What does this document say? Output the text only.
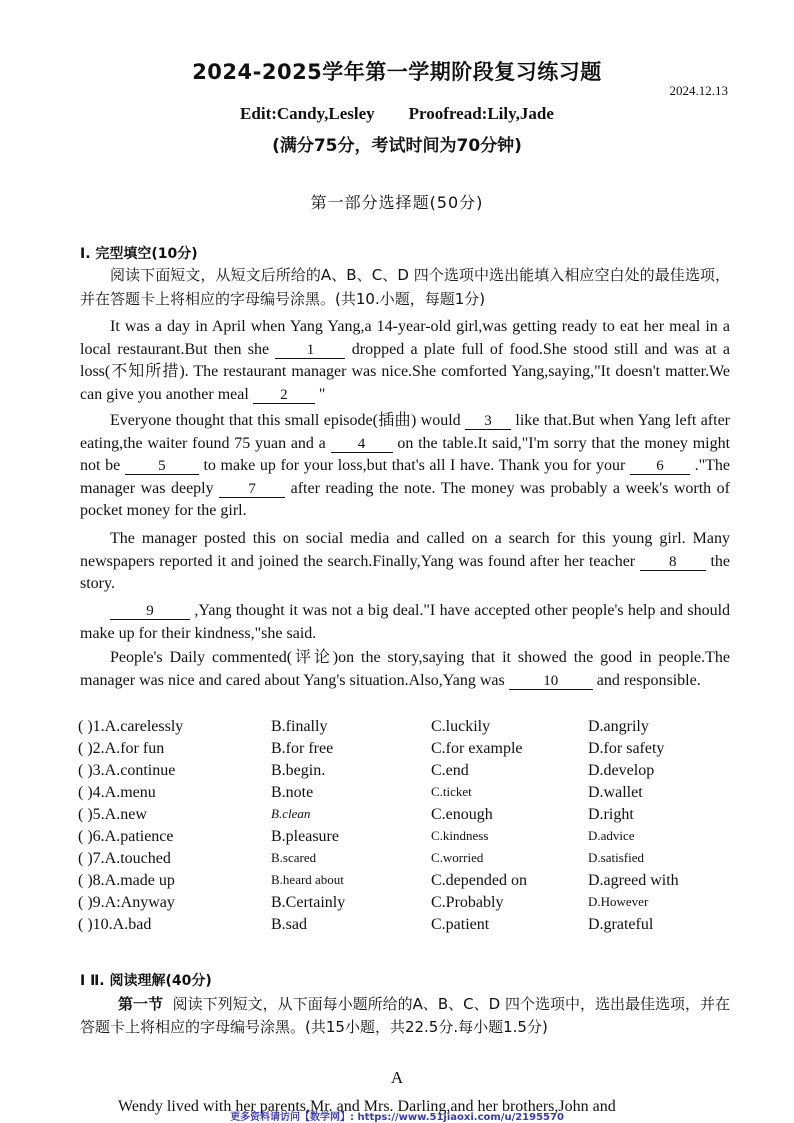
2024-2025学年第一学期阶段复习练习题
2024.12.13
Edit:Candy,Lesley Proofread:Lily,Jade
(满分75分，考试时间为70分钟)
第一部分选择题(50分)
I. 完型填空(10分)
阅读下面短文，从短文后所给的A、B、C、D 四个选项中选出能填入相应空白处的最佳选项，并在答题卡上将相应的字母编号涂黑。(共10.小题，每题1分)
It was a day in April when Yang Yang,a 14-year-old girl,was getting ready to eat her meal in a local restaurant.But then she	1 dropped a plate full of food.She stood still and was at a loss(不知所措). The restaurant manager was nice.She comforted Yang,saying,"It doesn't matter.We can give you another meal 2 "
Everyone thought that this small episode(插曲) would 3 like that.But when Yang left after eating,the waiter found 75 yuan and a 4 on the table.It said,"I'm sorry that the money might not be	5 to make up for your loss,but that's all I have. Thank you for your 6 ."The manager was deeply 7 after reading the note. The money was probably a week's worth of pocket money for the girl.
The manager posted this on social media and called on a search for this young girl. Many newspapers reported it and joined the search.Finally,Yang was found after her teacher 8 the story.
9	,Yang thought it was not a big deal."I have accepted other people's help and should make up for their kindness,"she said.
People's Daily commented(评论)on the story,saying that it showed the good in people.The manager was nice and cared about Yang's situation.Also,Yang was	10 and responsible.
( )1.A.carelessly	B.finally	C.luckily	D.angrily
( )2.A.for fun	B.for free	C.for example	D.for safety
( )3.A.continue	B.begin.	C.end	D.develop
( )4.A.menu	B.note	C.ticket	D.wallet
( )5.A.new	B.clean	C.enough	D.right
( )6.A.patience	B.pleasure	C.kindness	D.advice
( )7.A.touched	B.scared	C.worried	D.satisfied
( )8.A.made up	B.heard about	C.depended on	D.agreed with
( )9.A:Anyway	B.Certainly	C.Probably	D.However
( )10.A.bad	B.sad	C.patient	D.grateful
I Ⅱ. 阅读理解(40分)
第一节 阅读下列短文，从下面每小题所给的A、B、C、D 四个选项中，选出最佳选项，并在答题卡上将相应的字母编号涂黑。(共15小题，共22.5分.每小题1.5分)
A
Wendy lived with her parents,Mr. and Mrs. Darling,and her brothers,John and
更多资料请访问【数学网】: https://www.51jiaoxi.com/u/2195570
